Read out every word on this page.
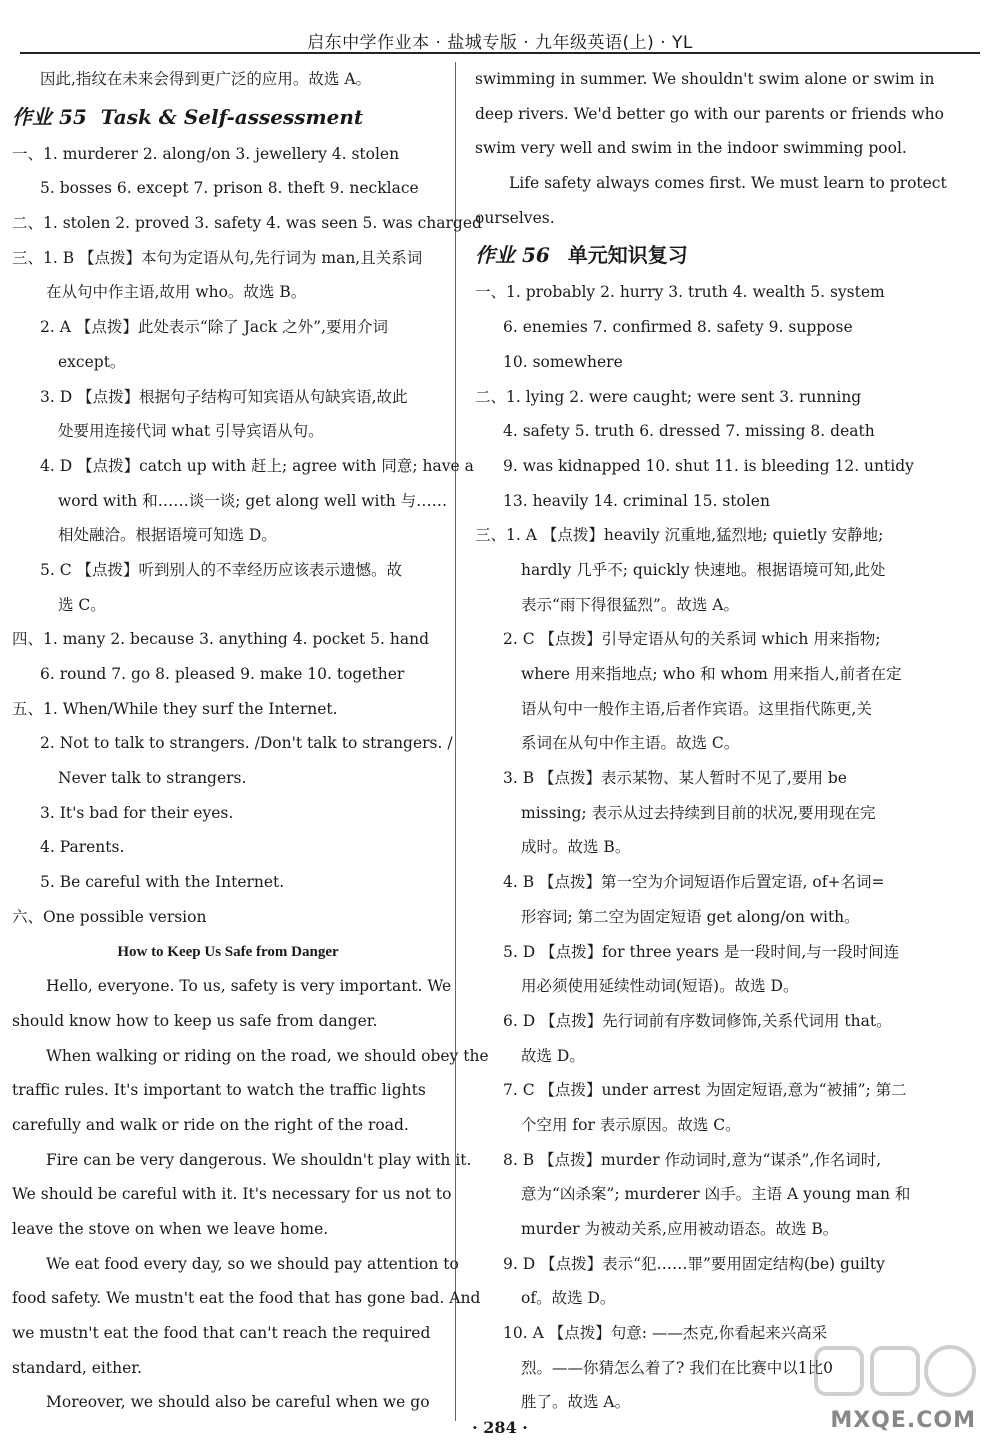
启东中学作业本 · 盐城专版 · 九年级英语(上) · YL
因此,指纹在未来会得到更广泛的应用。故选 A。
作业 55 Task & Self-assessment
一、1. murderer 2. along/on 3. jewellery 4. stolen
5. bosses 6. except 7. prison 8. theft 9. necklace
二、1. stolen 2. proved 3. safety 4. was seen 5. was charged
三、1. B 【点拨】本句为定语从句,先行词为 man,且关系词
在从句中作主语,故用 who。故选 B。
2. A 【点拨】此处表示“除了 Jack 之外”,要用介词
except。
3. D 【点拨】根据句子结构可知宾语从句缺宾语,故此
处要用连接代词 what 引导宾语从句。
4. D 【点拨】catch up with 赶上; agree with 同意; have a
word with 和……谈一谈; get along well with 与……
相处融洽。根据语境可知选 D。
5. C 【点拨】听到别人的不幸经历应该表示遗憾。故
选 C。
四、1. many 2. because 3. anything 4. pocket 5. hand
6. round 7. go 8. pleased 9. make 10. together
五、1. When/While they surf the Internet.
2. Not to talk to strangers. /Don't talk to strangers. /
Never talk to strangers.
3. It's bad for their eyes.
4. Parents.
5. Be careful with the Internet.
六、One possible version
How to Keep Us Safe from Danger
Hello, everyone. To us, safety is very important. We
should know how to keep us safe from danger.
When walking or riding on the road, we should obey the
traffic rules. It's important to watch the traffic lights
carefully and walk or ride on the right of the road.
Fire can be very dangerous. We shouldn't play with it.
We should be careful with it. It's necessary for us not to
leave the stove on when we leave home.
We eat food every day, so we should pay attention to
food safety. We mustn't eat the food that has gone bad. And
we mustn't eat the food that can't reach the required
standard, either.
Moreover, we should also be careful when we go
swimming in summer. We shouldn't swim alone or swim in
deep rivers. We'd better go with our parents or friends who
swim very well and swim in the indoor swimming pool.
Life safety always comes first. We must learn to protect
ourselves.
作业 56 单元知识复习
一、1. probably 2. hurry 3. truth 4. wealth 5. system
6. enemies 7. confirmed 8. safety 9. suppose
10. somewhere
二、1. lying 2. were caught; were sent 3. running
4. safety 5. truth 6. dressed 7. missing 8. death
9. was kidnapped 10. shut 11. is bleeding 12. untidy
13. heavily 14. criminal 15. stolen
三、1. A 【点拨】heavily 沉重地,猛烈地; quietly 安静地;
hardly 几乎不; quickly 快速地。根据语境可知,此处
表示“雨下得很猛烈”。故选 A。
2. C 【点拨】引导定语从句的关系词 which 用来指物;
where 用来指地点; who 和 whom 用来指人,前者在定
语从句中一般作主语,后者作宾语。这里指代陈更,关
系词在从句中作主语。故选 C。
3. B 【点拨】表示某物、某人暂时不见了,要用 be
missing; 表示从过去持续到目前的状况,要用现在完
成时。故选 B。
4. B 【点拨】第一空为介词短语作后置定语, of+名词=
形容词; 第二空为固定短语 get along/on with。
5. D 【点拨】for three years 是一段时间,与一段时间连
用必须使用延续性动词(短语)。故选 D。
6. D 【点拨】先行词前有序数词修饰,关系代词用 that。
故选 D。
7. C 【点拨】under arrest 为固定短语,意为“被捕”; 第二
个空用 for 表示原因。故选 C。
8. B 【点拨】murder 作动词时,意为“谋杀”,作名词时,
意为“凶杀案”; murderer 凶手。主语 A young man 和
murder 为被动关系,应用被动语态。故选 B。
9. D 【点拨】表示“犯……罪”要用固定结构(be) guilty
of。故选 D。
10. A 【点拨】句意: ——杰克,你看起来兴高采
烈。——你猜怎么着了? 我们在比赛中以1比0
胜了。故选 A。
MXQE.COM
· 284 ·
